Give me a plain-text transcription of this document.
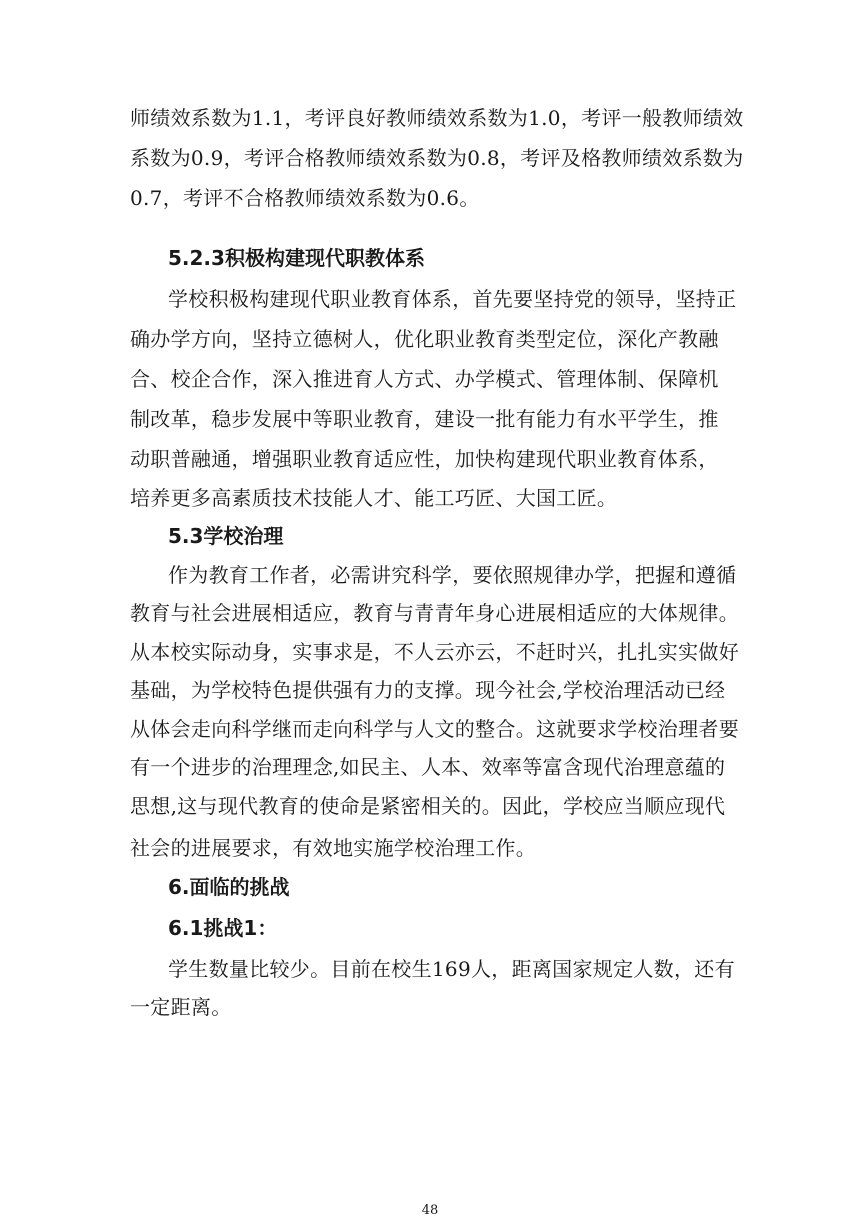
师绩效系数为1.1，考评良好教师绩效系数为1.0，考评一般教师绩效
系数为0.9，考评合格教师绩效系数为0.8，考评及格教师绩效系数为
0.7，考评不合格教师绩效系数为0.6。
5.2.3积极构建现代职教体系
学校积极构建现代职业教育体系，首先要坚持党的领导，坚持正
确办学方向，坚持立德树人，优化职业教育类型定位，深化产教融
合、校企合作，深入推进育人方式、办学模式、管理体制、保障机
制改革，稳步发展中等职业教育，建设一批有能力有水平学生，推
动职普融通，增强职业教育适应性，加快构建现代职业教育体系，
培养更多高素质技术技能人才、能工巧匠、大国工匠。
5.3学校治理
作为教育工作者，必需讲究科学，要依照规律办学，把握和遵循
教育与社会进展相适应，教育与青青年身心进展相适应的大体规律。
从本校实际动身，实事求是，不人云亦云，不赶时兴，扎扎实实做好
基础，为学校特色提供强有力的支撑。现今社会,学校治理活动已经
从体会走向科学继而走向科学与人文的整合。这就要求学校治理者要
有一个进步的治理理念,如民主、人本、效率等富含现代治理意蕴的
思想,这与现代教育的使命是紧密相关的。因此，学校应当顺应现代
社会的进展要求，有效地实施学校治理工作。
6.面临的挑战
6.1挑战1：
学生数量比较少。目前在校生169人，距离国家规定人数，还有
一定距离。
48
